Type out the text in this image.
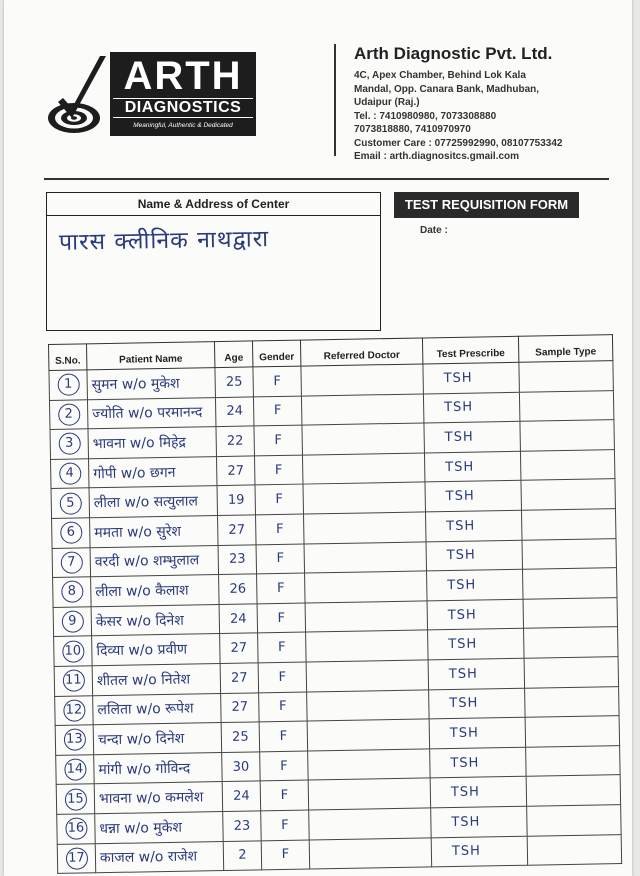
ARTH
DIAGNOSTICS
Meaningful, Authentic & Dedicated
Arth Diagnostic Pvt. Ltd.
4C, Apex Chamber, Behind Lok Kala
Mandal, Opp. Canara Bank, Madhuban,
Udaipur (Raj.)
Tel. : 7410980980, 7073308880
7073818880, 7410970970
Customer Care : 07725992990, 08107753342
Email : arth.diagnositcs.gmail.com
Name & Address of Center
पारस क्लीनिक नाथद्वारा
TEST REQUISITION FORM
Date :
S.No.	Patient Name	Age	Gender	Referred Doctor	Test Prescribe	Sample Type
1	सुमन w/o मुकेश	25	F		TSH	
2	ज्योति w/o परमानन्द	24	F		TSH	
3	भावना w/o मिहेद्र	22	F		TSH	
4	गोपी w/o छगन	27	F		TSH	
5	लीला w/o सत्युलाल	19	F		TSH	
6	ममता w/o सुरेश	27	F		TSH	
7	वरदी w/o शम्भुलाल	23	F		TSH	
8	लीला w/o कैलाश	26	F		TSH	
9	केसर w/o दिनेश	24	F		TSH	
10	दिव्या w/o प्रवीण	27	F		TSH	
11	शीतल w/o नितेश	27	F		TSH	
12	ललिता w/o रूपेश	27	F		TSH	
13	चन्दा w/o दिनेश	25	F		TSH	
14	मांगी w/o गोविन्द	30	F		TSH	
15	भावना w/o कमलेश	24	F		TSH	
16	धन्ना w/o मुकेश	23	F		TSH	
17	काजल w/o राजेश	2	F		TSH	
